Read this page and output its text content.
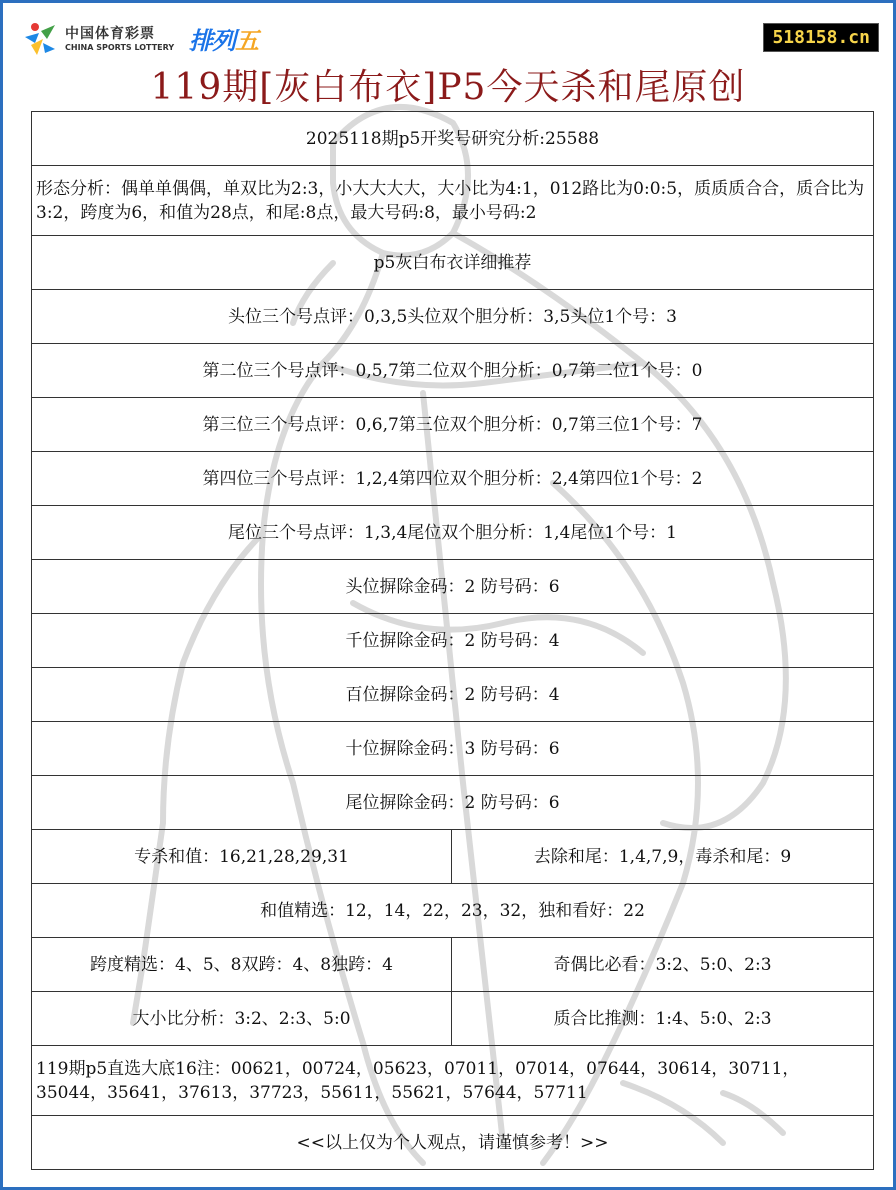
中国体育彩票
CHINA SPORTS LOTTERY 排列五	518158.cn
119期[灰白布衣]P5今天杀和尾原创
2025118期p5开奖号研究分析:25588	
形态分析：偶单单偶偶，单双比为2:3，小大大大大，大小比为4:1，012路比为0:0:5，质质质合合，质合比为3:2，跨度为6，和值为28点，和尾:8点，最大号码:8，最小号码:2	
p5灰白布衣详细推荐	
头位三个号点评：0,3,5头位双个胆分析：3,5头位1个号：3	
第二位三个号点评：0,5,7第二位双个胆分析：0,7第二位1个号：0	
第三位三个号点评：0,6,7第三位双个胆分析：0,7第三位1个号：7	
第四位三个号点评：1,2,4第四位双个胆分析：2,4第四位1个号：2	
尾位三个号点评：1,3,4尾位双个胆分析：1,4尾位1个号：1	
头位摒除金码：2 防号码：6	
千位摒除金码：2 防号码：4	
百位摒除金码：2 防号码：4	
十位摒除金码：3 防号码：6	
尾位摒除金码：2 防号码：6	
专杀和值：16,21,28,29,31	去除和尾：1,4,7,9，毒杀和尾：9
和值精选：12，14，22，23，32，独和看好：22	
跨度精选：4、5、8双跨：4、8独跨：4	奇偶比必看：3:2、5:0、2:3
大小比分析：3:2、2:3、5:0	质合比推测：1:4、5:0、2:3
119期p5直选大底16注：00621，00724，05623，07011，07014，07644，30614，30711，35044，35641，37613，37723，55611，55621，57644，57711	
<<以上仅为个人观点，请谨慎参考！>>	
